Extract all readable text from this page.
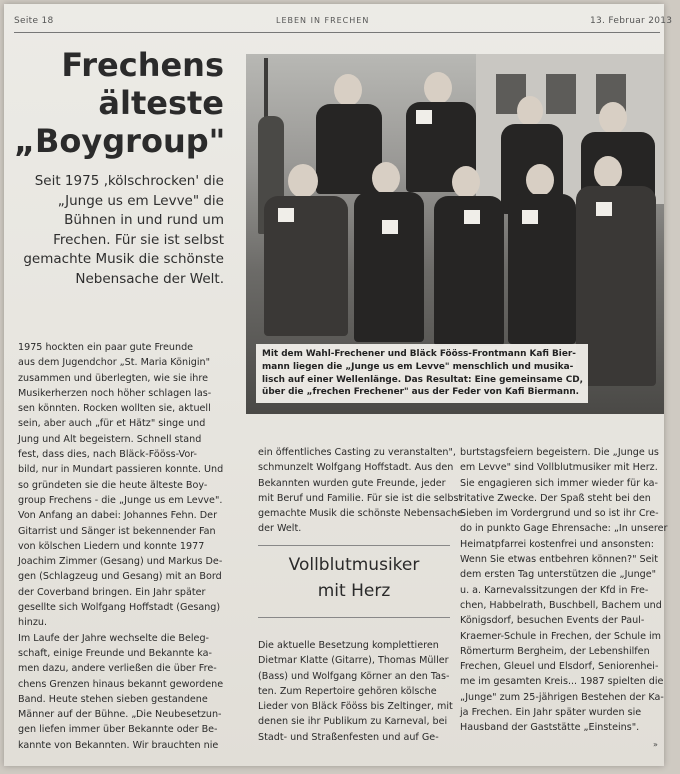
Seite 18	LEBEN IN FRECHEN	13. Februar 2013
Frechens
älteste
„Boygroup"
Seit 1975 ‚kölschrocken' die
„Junge us em Levve" die
Bühnen in und rund um
Frechen. Für sie ist selbst
gemachte Musik die schönste
Nebensache der Welt.
Mit dem Wahl-Frechener und Bläck Fööss-Frontmann Kafi Bier-
mann liegen die „Junge us em Levve" menschlich und musika-
lisch auf einer Wellenlänge. Das Resultat: Eine gemeinsame CD,
über die „frechen Frechener" aus der Feder von Kafi Biermann.
1975 hockten ein paar gute Freunde
aus dem Jugendchor „St. Maria Königin"
zusammen und überlegten, wie sie ihre
Musikerherzen noch höher schlagen las-
sen könnten. Rocken wollten sie, aktuell
sein, aber auch „für et Hätz" singe und
Jung und Alt begeistern. Schnell stand
fest, dass dies, nach Bläck-Fööss-Vor-
bild, nur in Mundart passieren konnte. Und
so gründeten sie die heute älteste Boy-
group Frechens - die „Junge us em Levve".
Von Anfang an dabei: Johannes Fehn. Der
Gitarrist und Sänger ist bekennender Fan
von kölschen Liedern und konnte 1977
Joachim Zimmer (Gesang) und Markus De-
gen (Schlagzeug und Gesang) mit an Bord
der Coverband bringen. Ein Jahr später
gesellte sich Wolfgang Hoffstadt (Gesang)
hinzu.
Im Laufe der Jahre wechselte die Beleg-
schaft, einige Freunde und Bekannte ka-
men dazu, andere verließen die über Fre-
chens Grenzen hinaus bekannt gewordene
Band. Heute stehen sieben gestandene
Männer auf der Bühne. „Die Neubesetzun-
gen liefen immer über Bekannte oder Be-
kannte von Bekannten. Wir brauchten nie
ein öffentliches Casting zu veranstalten",
schmunzelt Wolfgang Hoffstadt. Aus den
Bekannten wurden gute Freunde, jeder
mit Beruf und Familie. Für sie ist die selbst
gemachte Musik die schönste Nebensache
der Welt.
Vollblutmusiker
mit Herz
Die aktuelle Besetzung komplettieren
Dietmar Klatte (Gitarre), Thomas Müller
(Bass) und Wolfgang Körner an den Tas-
ten. Zum Repertoire gehören kölsche
Lieder von Bläck Fööss bis Zeltinger, mit
denen sie ihr Publikum zu Karneval, bei
Stadt- und Straßenfesten und auf Ge-
burtstagsfeiern begeistern. Die „Junge us
em Levve" sind Vollblutmusiker mit Herz.
Sie engagieren sich immer wieder für ka-
ritative Zwecke. Der Spaß steht bei den
Sieben im Vordergrund und so ist ihr Cre-
do in punkto Gage Ehrensache: „In unserer
Heimatpfarrei kostenfrei und ansonsten:
Wenn Sie etwas entbehren können?" Seit
dem ersten Tag unterstützen die „Junge"
u. a. Karnevalssitzungen der Kfd in Fre-
chen, Habbelrath, Buschbell, Bachem und
Königsdorf, besuchen Events der Paul-
Kraemer-Schule in Frechen, der Schule im
Römerturm Bergheim, der Lebenshilfen
Frechen, Gleuel und Elsdorf, Seniorenhei-
me im gesamten Kreis... 1987 spielten die
„Junge" zum 25-jährigen Bestehen der Ka-
ja Frechen. Ein Jahr später wurden sie
Hausband der Gaststätte „Einsteins".
»
